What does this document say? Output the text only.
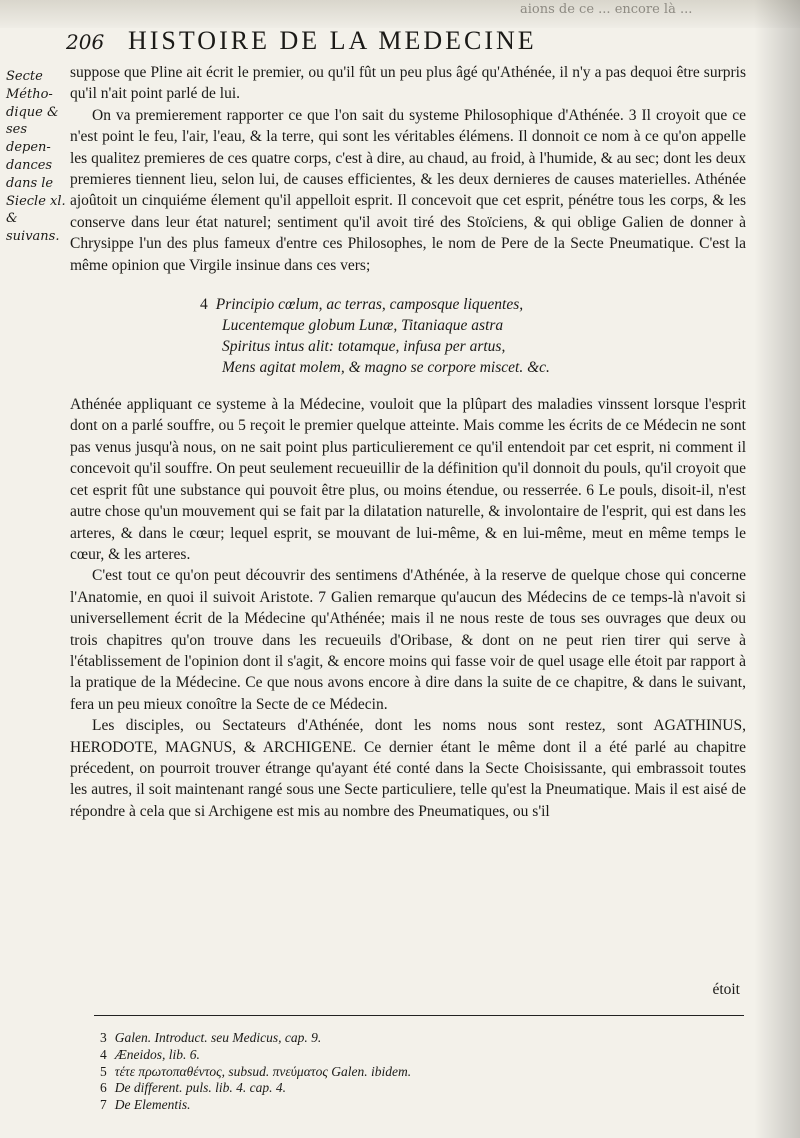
aions de ce ... encore là ...
206 HISTOIRE DE LA MEDECINE
Secte Métho-dique & ses depen-dances dans le Siecle xl. & suivans.

suppose que Pline ait écrit le premier, ou qu'il fût un peu plus âgé qu'Athénée, il n'y a pas dequoi être surpris qu'il n'ait point parlé de lui.

On va premierement rapporter ce que l'on sait du systeme Philosophique d'Athénée. 3 Il croyoit que ce n'est point le feu, l'air, l'eau, & la terre, qui sont les véritables élémens. Il donnoit ce nom à ce qu'on appelle les qualitez premieres de ces quatre corps, c'est à dire, au chaud, au froid, à l'humide, & au sec; dont les deux premieres tiennent lieu, selon lui, de causes efficientes, & les deux dernieres de causes materielles. Athénée ajoûtoit un cinquiéme élement qu'il appelloit esprit. Il concevoit que cet esprit, pénétre tous les corps, & les conserve dans leur état naturel; sentiment qu'il avoit tiré des Stoïciens, & qui oblige Galien de donner à Chrysippe l'un des plus fameux d'entre ces Philosophes, le nom de Pere de la Secte Pneumatique. C'est la même opinion que Virgile insinue dans ces vers;

4 Principio cœlum, ac terras, camposque liquentes,
Lucentemque globum Lunæ, Titaniaque astra
Spiritus intus alit: totamque, infusa per artus,
Mens agitat molem, & magno se corpore miscet. &c.

Athénée appliquant ce systeme à la Médecine, vouloit que la plûpart des maladies vinssent lorsque l'esprit dont on a parlé souffre, ou 5 reçoit le premier quelque atteinte. Mais comme les écrits de ce Médecin ne sont pas venus jusqu'à nous, on ne sait point plus particulierement ce qu'il entendoit par cet esprit, ni comment il concevoit qu'il souffre. On peut seulement recueuillir de la définition qu'il donnoit du pouls, qu'il croyoit que cet esprit fût une substance qui pouvoit être plus, ou moins étendue, ou resserrée. 6 Le pouls, disoit-il, n'est autre chose qu'un mouvement qui se fait par la dilatation naturelle, & involontaire de l'esprit, qui est dans les arteres, & dans le cœur; lequel esprit, se mouvant de lui-même, & en lui-même, meut en même temps le cœur, & les arteres.

C'est tout ce qu'on peut découvrir des sentimens d'Athénée, à la reserve de quelque chose qui concerne l'Anatomie, en quoi il suivoit Aristote. 7 Galien remarque qu'aucun des Médecins de ce temps-là n'avoit si universellement écrit de la Médecine qu'Athénée; mais il ne nous reste de tous ses ouvrages que deux ou trois chapitres qu'on trouve dans les recueuils d'Oribase, & dont on ne peut rien tirer qui serve à l'établissement de l'opinion dont il s'agit, & encore moins qui fasse voir de quel usage elle étoit par rapport à la pratique de la Médecine. Ce que nous avons encore à dire dans la suite de ce chapitre, & dans le suivant, fera un peu mieux conoître la Secte de ce Médecin.

Les disciples, ou Sectateurs d'Athénée, dont les noms nous sont restez, sont AGATHINUS, HERODOTE, MAGNUS, & ARCHIGENE. Ce dernier étant le même dont il a été parlé au chapitre précedent, on pourroit trouver étrange qu'ayant été conté dans la Secte Choisissante, qui embrassoit toutes les autres, il soit maintenant rangé sous une Secte particuliere, telle qu'est la Pneumatique. Mais il est aisé de répondre à cela que si Archigene est mis au nombre des Pneumatiques, ou s'il

étoit
3 Galen. Introduct. seu Medicus, cap. 9.
4 Æneidos, lib. 6.
5 τέτε πρωτοπαθέντος, subsud. πνεύματος Galen. ibidem.
6 De different. puls. lib. 4. cap. 4.
7 De Elementis.
